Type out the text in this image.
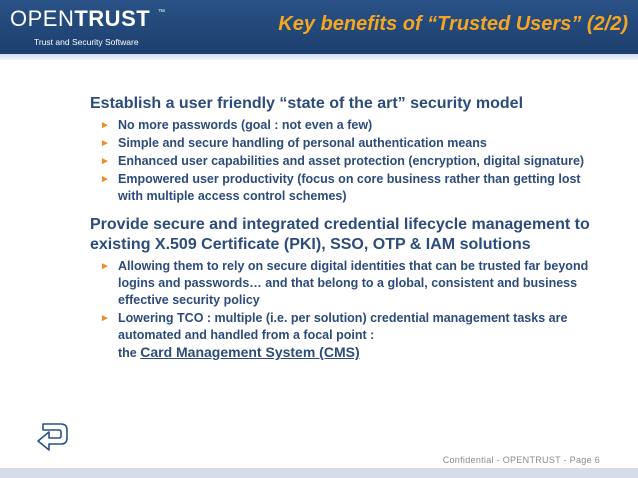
OPENTRUST ™
Trust and Security Software
Key benefits of “Trusted Users” (2/2)
Establish a user friendly “state of the art” security model
► No more passwords (goal : not even a few)
► Simple and secure handling of personal authentication means
► Enhanced user capabilities and asset protection (encryption, digital signature)
► Empowered user productivity (focus on core business rather than getting lost with multiple access control schemes)
Provide secure and integrated credential lifecycle management to existing X.509 Certificate (PKI), SSO, OTP & IAM solutions
► Allowing them to rely on secure digital identities that can be trusted far beyond logins and passwords… and that belong to a global, consistent and business effective security policy
► Lowering TCO : multiple (i.e. per solution) credential management tasks are automated and handled from a focal point :
the Card Management System (CMS)
Confidential - OPENTRUST - Page 6
